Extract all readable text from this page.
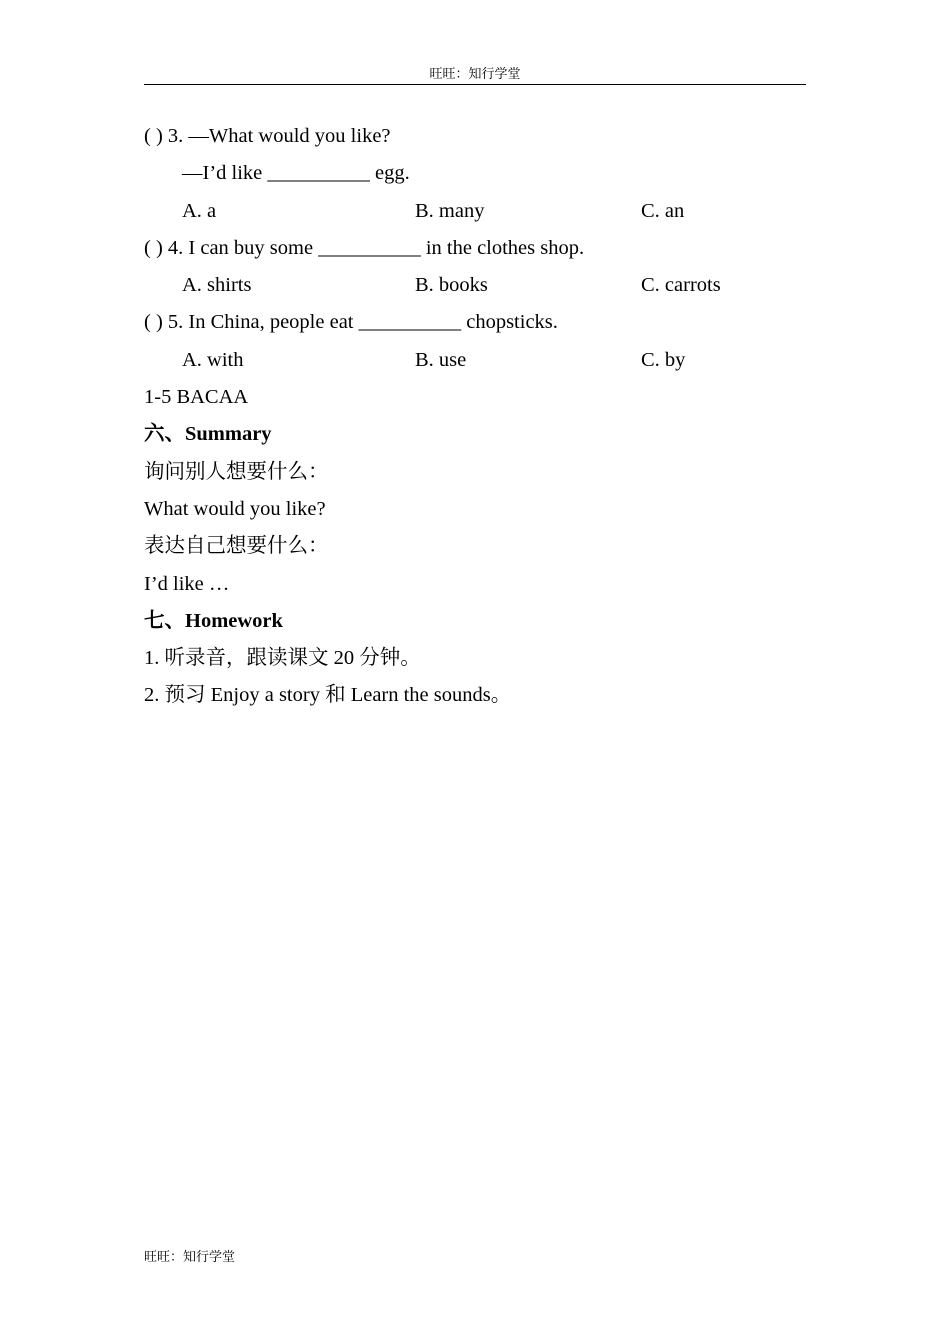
旺旺：知行学堂
( ) 3. —What would you like?
—I’d like __________ egg.
A. a	B. many	C. an
( ) 4. I can buy some __________ in the clothes shop.
A. shirts	B. books	C. carrots
( ) 5. In China, people eat __________ chopsticks.
A. with	B. use	C. by
1-5 BACAA
六、Summary
询问别人想要什么：
What would you like?
表达自己想要什么：
I’d like …
七、Homework
1. 听录音，跟读课文 20 分钟。
2. 预习 Enjoy a story 和 Learn the sounds。
旺旺：知行学堂
